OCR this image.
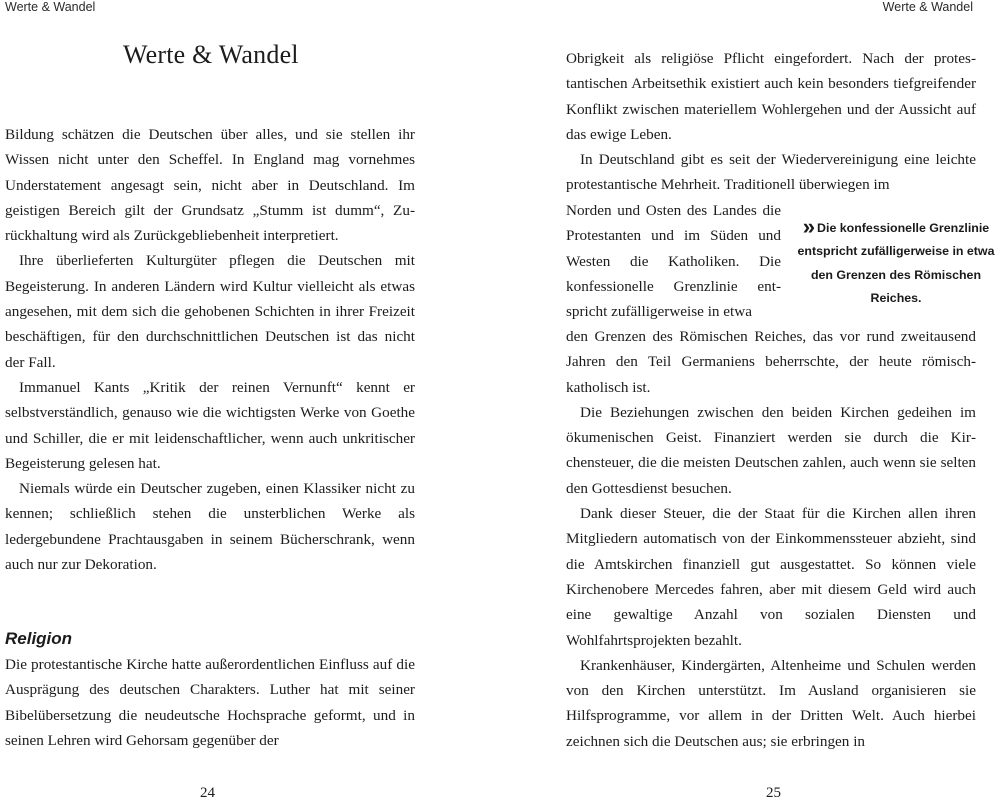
Werte & Wandel	Werte & Wandel
Werte & Wandel

Bildung schätzen die Deutschen über alles, und sie stellen ihr Wissen nicht unter den Scheffel. In England mag vornehmes Understatement angesagt sein, nicht aber in Deutschland. Im geistigen Bereich gilt der Grundsatz „Stumm ist dumm“, Zurückhaltung wird als Zurückgebliebenheit interpretiert.

Ihre überlieferten Kulturgüter pflegen die Deutschen mit Begeisterung. In anderen Ländern wird Kultur vielleicht als etwas angesehen, mit dem sich die gehobenen Schichten in ihrer Freizeit beschäftigen, für den durchschnittlichen Deutschen ist das nicht der Fall.

Immanuel Kants „Kritik der reinen Vernunft“ kennt er selbstverständlich, genauso wie die wichtigsten Werke von Goethe und Schiller, die er mit leidenschaftlicher, wenn auch unkritischer Begeisterung gelesen hat.

Niemals würde ein Deutscher zugeben, einen Klassiker nicht zu kennen; schließlich stehen die unsterblichen Werke als ledergebundene Prachtausgaben in seinem Bücherschrank, wenn auch nur zur Dekoration.

Religion

Die protestantische Kirche hatte außerordentlichen Einfluss auf die Ausprägung des deutschen Charakters. Luther hat mit seiner Bibelübersetzung die neudeutsche Hochsprache geformt, und in seinen Lehren wird Gehorsam gegenüber der

24

Obrigkeit als religiöse Pflicht eingefordert. Nach der protestantischen Arbeitsethik existiert auch kein besonders tiefgreifender Konflikt zwischen materiellem Wohlergehen und der Aussicht auf das ewige Leben.

In Deutschland gibt es seit der Wiedervereinigung eine leichte protestantische Mehrheit. Traditionell überwiegen im

Norden und Osten des Landes die Protestanten und im Süden und Westen die Katholiken. Die konfessionelle Grenzlinie entspricht zufälligerweise in etwa

den Grenzen des Römischen Reiches, das vor rund zweitausend Jahren den Teil Germaniens beherrschte, der heute römisch-katholisch ist.

Die Beziehungen zwischen den beiden Kirchen gedeihen im ökumenischen Geist. Finanziert werden sie durch die Kirchensteuer, die die meisten Deutschen zahlen, auch wenn sie selten den Gottesdienst besuchen.

Dank dieser Steuer, die der Staat für die Kirchen allen ihren Mitgliedern automatisch von der Einkommenssteuer abzieht, sind die Amtskirchen finanziell gut ausgestattet. So können viele Kirchenobere Mercedes fahren, aber mit diesem Geld wird auch eine gewaltige Anzahl von sozialen Diensten und Wohlfahrtsprojekten bezahlt.

Krankenhäuser, Kindergärten, Altenheime und Schulen werden von den Kirchen unterstützt. Im Ausland organisieren sie Hilfsprogramme, vor allem in der Dritten Welt. Auch hierbei zeichnen sich die Deutschen aus; sie erbringen in

» Die konfessionelle Grenzlinie entspricht zufälligerweise in etwa den Grenzen des Römischen Reiches.
25
